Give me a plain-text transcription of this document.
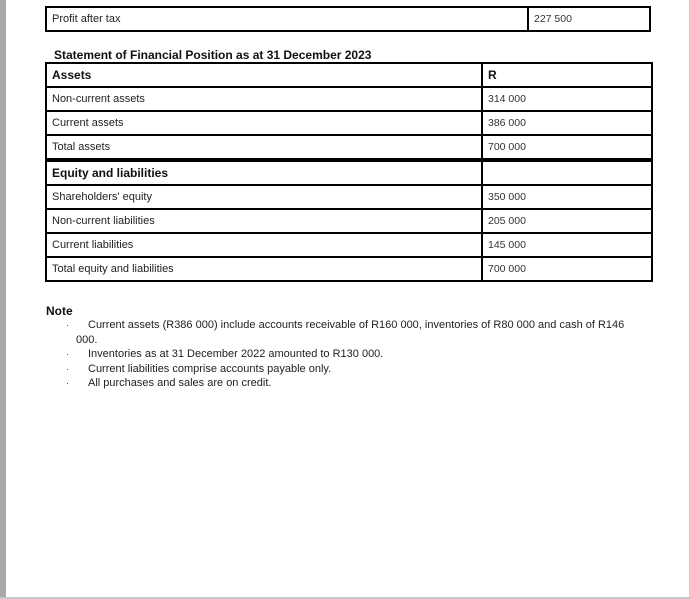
Profit after tax	227 500
Statement of Financial Position as at 31 December 2023
Assets	R
Non-current assets	314 000
Current assets	386 000
Total assets	700 000
Equity and liabilities	
Shareholders' equity	350 000
Non-current liabilities	205 000
Current liabilities	145 000
Total equity and liabilities	700 000
Note
· Current assets (R386 000) include accounts receivable of R160 000, inventories of R80 000 and cash of R146
000.
· Inventories as at 31 December 2022 amounted to R130 000.
· Current liabilities comprise accounts payable only.
· All purchases and sales are on credit.
